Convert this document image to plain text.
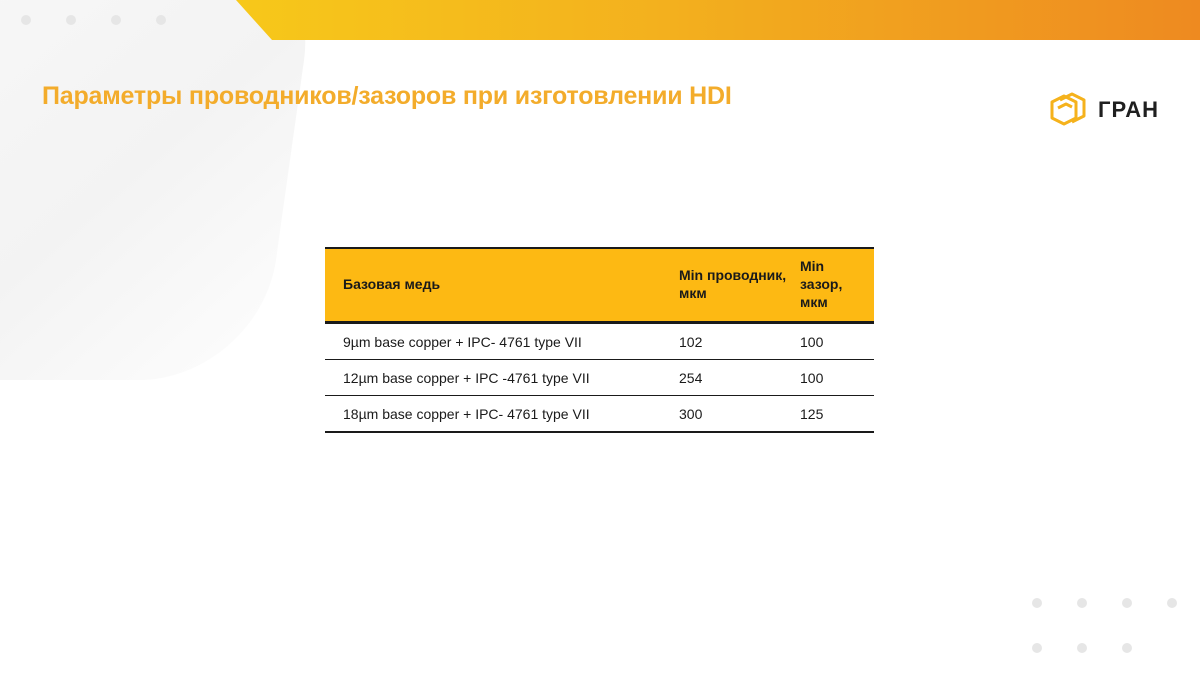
Параметры проводников/зазоров при изготовлении HDI	ГРАН
Базовая медь	Min проводник, мкм	Min зазор, мкм
9µm base copper + IPC- 4761 type VII	102	100
12µm base copper + IPC -4761 type VII	254	100
18µm base copper + IPC- 4761 type VII	300	125
